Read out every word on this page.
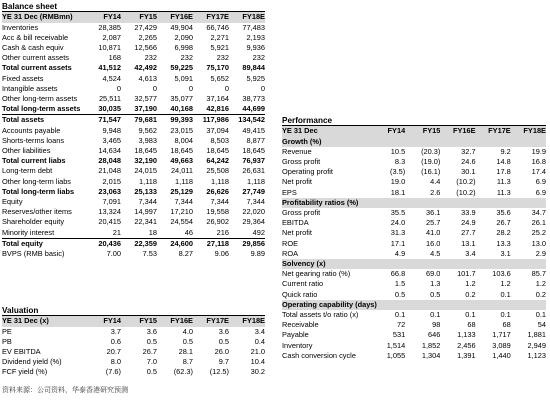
Balance sheet
YE 31 Dec (RMBmn)	FY14	FY15	FY16E	FY17E	FY18E
Inventories	28,385	27,429	49,904	66,746	77,483
Acc & bill receivable	2,087	2,265	2,090	2,271	2,193
Cash & cash equiv	10,871	12,566	6,998	5,921	9,936
Other current assets	168	232	232	232	232
Total current assets	41,512	42,492	59,225	75,170	89,844
Fixed assets	4,524	4,613	5,091	5,652	5,925
Intangible assets	0	0	0	0	0
Other long-term assets	25,511	32,577	35,077	37,164	38,773
Total long-term assets	30,035	37,190	40,168	42,816	44,699
Total assets	71,547	79,681	99,393	117,986	134,542
Accounts payable	9,948	9,562	23,015	37,094	49,415
Shorts-terms loans	3,465	3,983	8,004	8,503	8,877
Other liabilities	14,634	18,645	18,645	18,645	18,645
Total current liabs	28,048	32,190	49,663	64,242	76,937
Long-term debt	21,048	24,015	24,011	25,508	26,631
Other long-term liabs	2,015	1,118	1,118	1,118	1,118
Total long-term liabs	23,063	25,133	25,129	26,626	27,749
Equity	7,091	7,344	7,344	7,344	7,344
Reserves/other items	13,324	14,997	17,210	19,558	22,020
Shareholder equity	20,415	22,341	24,554	26,902	29,364
Minority interest	21	18	46	216	492
Total equity	20,436	22,359	24,600	27,118	29,856
BVPS (RMB basic)	7.00	7.53	8.27	9.06	9.89
Valuation
YE 31 Dec (x)	FY14	FY15	FY16E	FY17E	FY18E
PE	3.7	3.6	4.0	3.6	3.4
PB	0.6	0.5	0.5	0.5	0.4
EV EBITDA	20.7	26.7	28.1	26.0	21.0
Dividend yield (%)	8.0	7.0	8.7	9.7	10.4
FCF yield (%)	(7.6)	0.5	(62.3)	(12.5)	30.2
Performance
YE 31 Dec	FY14	FY15	FY16E	FY17E	FY18E
Growth (%)					
Revenue	10.5	(20.3)	32.7	9.2	19.9
Gross profit	8.3	(19.0)	24.6	14.8	16.8
Operating profit	(3.5)	(16.1)	30.1	17.8	17.4
Net profit	19.0	4.4	(10.2)	11.3	6.9
EPS	18.1	2.6	(10.2)	11.3	6.9
Profitability ratios (%)					
Gross profit	35.5	36.1	33.9	35.6	34.7
EBITDA	24.0	25.7	24.9	26.7	26.1
Net profit	31.3	41.0	27.7	28.2	25.2
ROE	17.1	16.0	13.1	13.3	13.0
ROA	4.9	4.5	3.4	3.1	2.9
Solvency (x)					
Net gearing ratio (%)	66.8	69.0	101.7	103.6	85.7
Current ratio	1.5	1.3	1.2	1.2	1.2
Quick ratio	0.5	0.5	0.2	0.1	0.2
Operating capability (days)					
Total assets t/o ratio (x)	0.1	0.1	0.1	0.1	0.1
Receivable	72	98	68	68	54
Payable	531	646	1,133	1,717	1,881
Inventory	1,514	1,852	2,456	3,089	2,949
Cash conversion cycle	1,055	1,304	1,391	1,440	1,123
资料来源：公司资料，华泰香港研究预测
